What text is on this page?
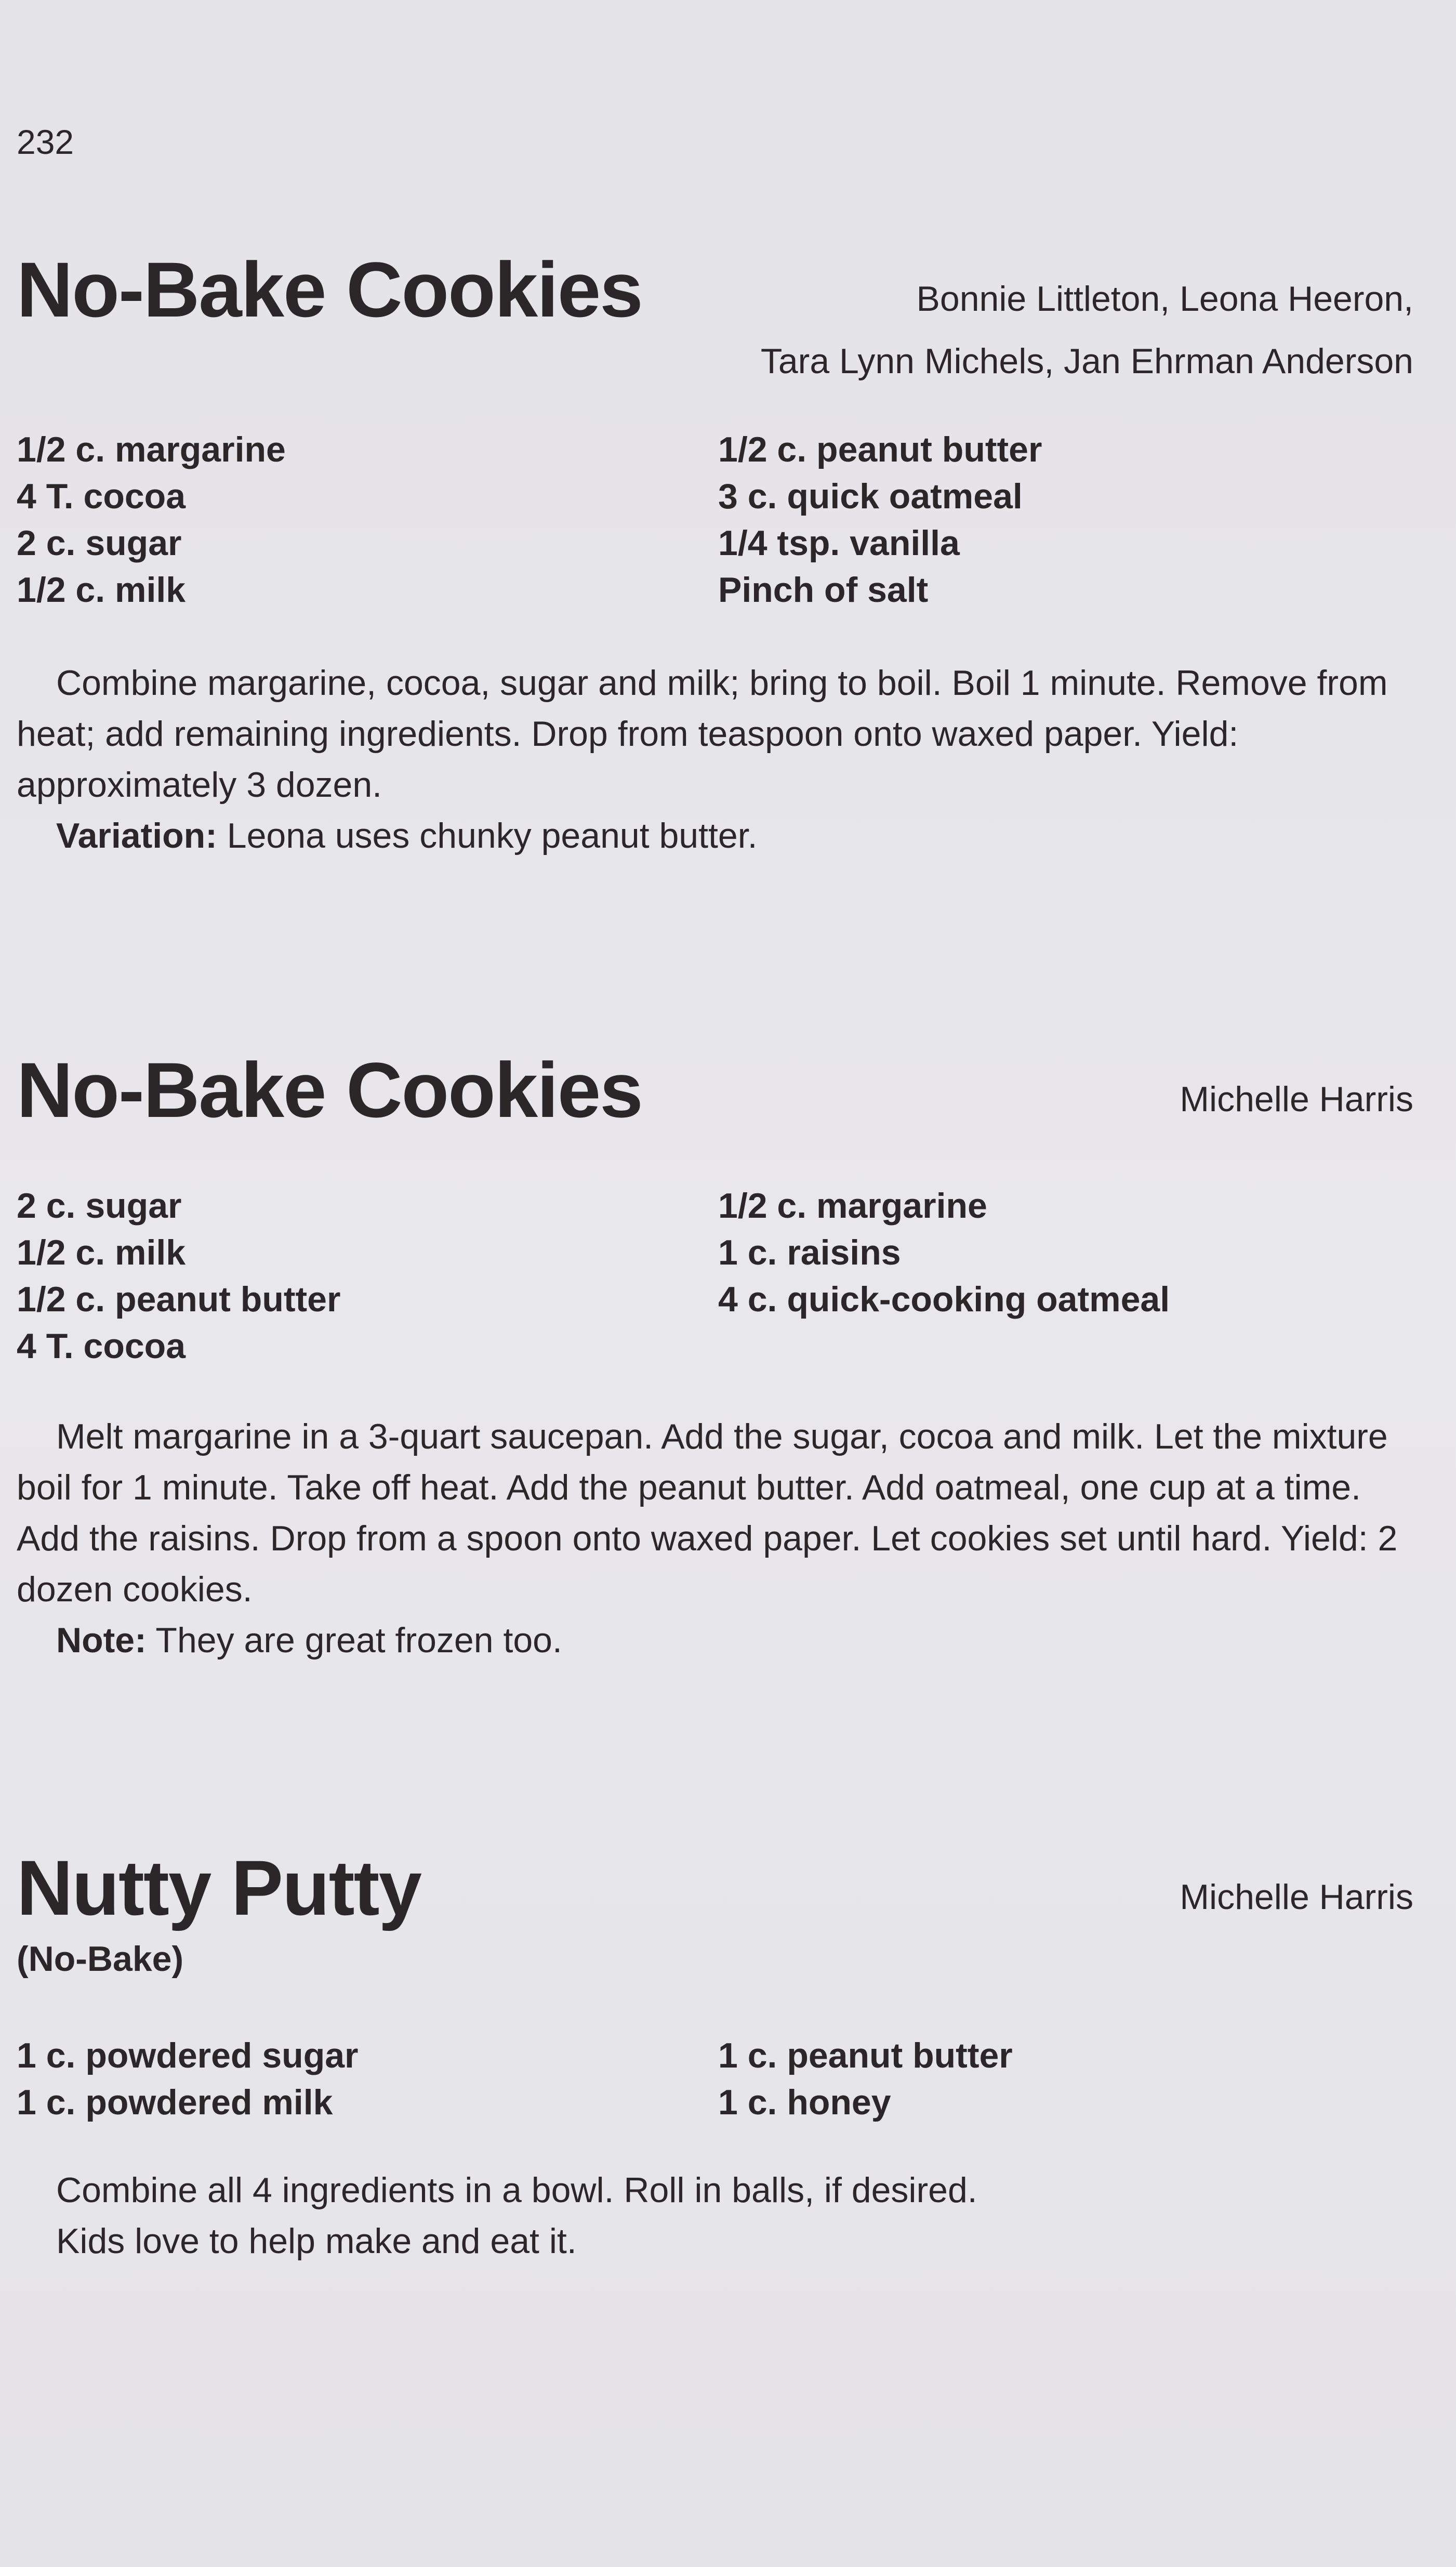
232
No-Bake Cookies	Bonnie Littleton, Leona Heeron,
Tara Lynn Michels, Jan Ehrman Anderson
1/2 c. margarine
4 T. cocoa
2 c. sugar
1/2 c. milk
1/2 c. peanut butter
3 c. quick oatmeal
1/4 tsp. vanilla
Pinch of salt

Combine margarine, cocoa, sugar and milk; bring to boil. Boil 1 minute. Remove from heat; add remaining ingredients. Drop from teaspoon onto waxed paper. Yield: approximately 3 dozen.

Variation: Leona uses chunky peanut butter.
No-Bake Cookies	Michelle Harris
2 c. sugar
1/2 c. milk
1/2 c. peanut butter
4 T. cocoa
1/2 c. margarine
1 c. raisins
4 c. quick-cooking oatmeal

Melt margarine in a 3-quart saucepan. Add the sugar, cocoa and milk. Let the mixture boil for 1 minute. Take off heat. Add the peanut butter. Add oatmeal, one cup at a time. Add the raisins. Drop from a spoon onto waxed paper. Let cookies set until hard. Yield: 2 dozen cookies.

Note: They are great frozen too.
Nutty Putty
(No-Bake)
Michelle Harris
1 c. powdered sugar
1 c. powdered milk
1 c. peanut butter
1 c. honey
Combine all 4 ingredients in a bowl. Roll in balls, if desired.
Kids love to help make and eat it.
